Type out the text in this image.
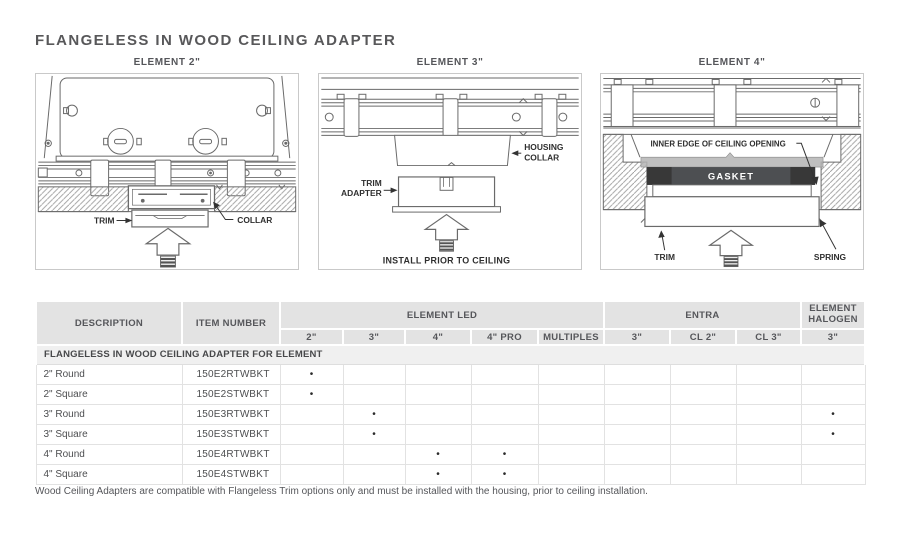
FLANGELESS IN WOOD CEILING ADAPTER
ELEMENT 2"
TRIM	COLLAR
ELEMENT 3"
HOUSING
COLLAR
TRIM
ADAPTER
INSTALL PRIOR TO CEILING
ELEMENT 4"
GASKET
INNER EDGE OF CEILING OPENING
TRIM	SPRING
DESCRIPTION	ITEM NUMBER	ELEMENT LED					ENTRA			ELEMENT HALOGEN
		2"	3"	4"	4" PRO	MULTIPLES	3"	CL 2"	CL 3"	3"
FLANGELESS IN WOOD CEILING ADAPTER FOR ELEMENT										
2" Round	150E2RTWBKT	•								
2" Square	150E2STWBKT	•								
3" Round	150E3RTWBKT		•							•
3" Square	150E3STWBKT		•							•
4" Round	150E4RTWBKT			•	•					
4" Square	150E4STWBKT			•	•					

Wood Ceiling Adapters are compatible with Flangeless Trim options only and must be installed with the housing, prior to ceiling installation.
